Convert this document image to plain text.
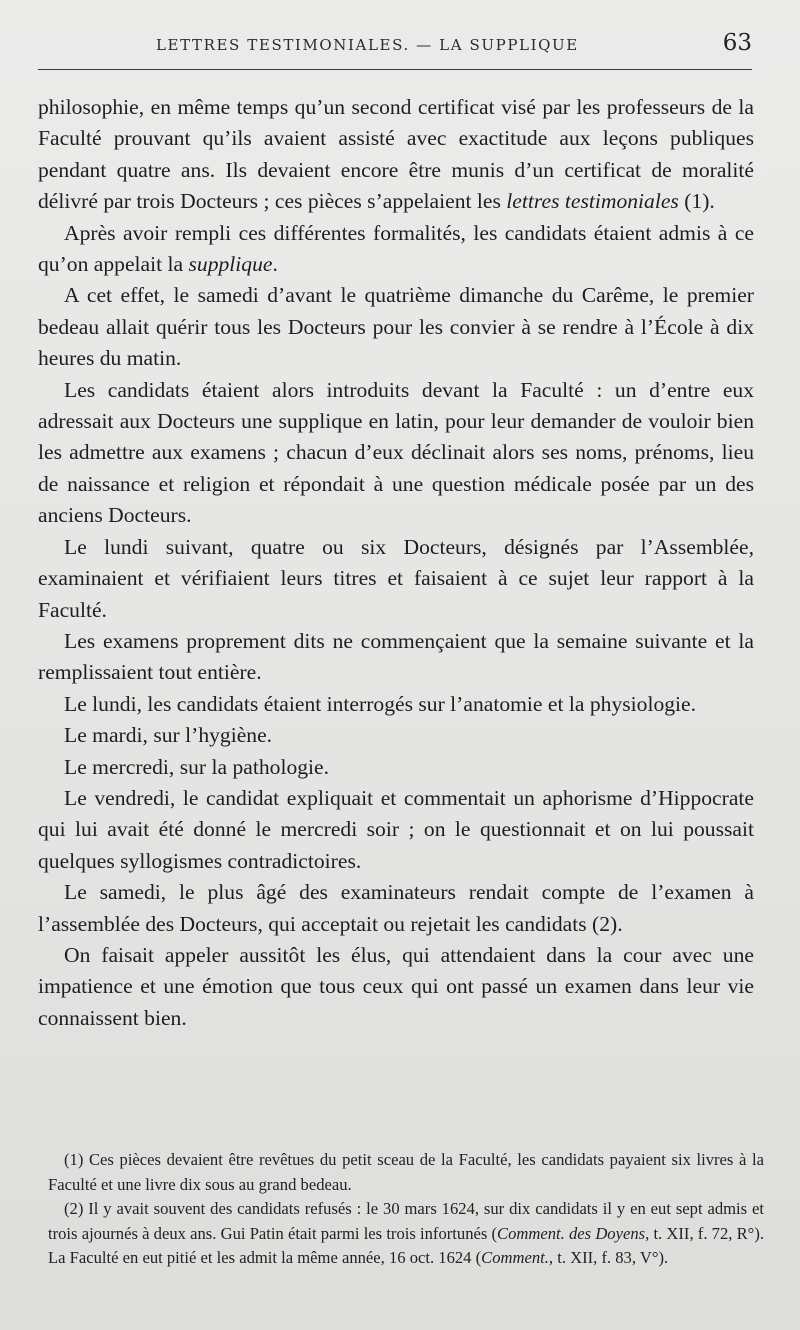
LETTRES TESTIMONIALES. — LA SUPPLIQUE	63

philosophie, en même temps qu’un second certificat visé par les professeurs de la Faculté prouvant qu’ils avaient assisté avec exactitude aux leçons publiques pendant quatre ans. Ils devaient encore être munis d’un certificat de moralité délivré par trois Docteurs ; ces pièces s’appelaient les lettres testimoniales (1).

Après avoir rempli ces différentes formalités, les candidats étaient admis à ce qu’on appelait la supplique.

A cet effet, le samedi d’avant le quatrième dimanche du Carême, le premier bedeau allait quérir tous les Docteurs pour les convier à se rendre à l’École à dix heures du matin.

Les candidats étaient alors introduits devant la Faculté : un d’entre eux adressait aux Docteurs une supplique en latin, pour leur demander de vouloir bien les admettre aux examens ; chacun d’eux déclinait alors ses noms, prénoms, lieu de naissance et religion et répondait à une question médicale posée par un des anciens Docteurs.

Le lundi suivant, quatre ou six Docteurs, désignés par l’Assemblée, examinaient et vérifiaient leurs titres et faisaient à ce sujet leur rapport à la Faculté.

Les examens proprement dits ne commençaient que la semaine suivante et la remplissaient tout entière.

Le lundi, les candidats étaient interrogés sur l’anatomie et la physiologie.

Le mardi, sur l’hygiène.

Le mercredi, sur la pathologie.

Le vendredi, le candidat expliquait et commentait un aphorisme d’Hippocrate qui lui avait été donné le mercredi soir ; on le questionnait et on lui poussait quelques syllogismes contradictoires.

Le samedi, le plus âgé des examinateurs rendait compte de l’examen à l’assemblée des Docteurs, qui acceptait ou rejetait les candidats (2).

On faisait appeler aussitôt les élus, qui attendaient dans la cour avec une impatience et une émotion que tous ceux qui ont passé un examen dans leur vie connaissent bien.

(1) Ces pièces devaient être revêtues du petit sceau de la Faculté, les candidats payaient six livres à la Faculté et une livre dix sous au grand bedeau.

(2) Il y avait souvent des candidats refusés : le 30 mars 1624, sur dix candidats il y en eut sept admis et trois ajournés à deux ans. Gui Patin était parmi les trois infortunés (Comment. des Doyens, t. XII, f. 72, R°). La Faculté en eut pitié et les admit la même année, 16 oct. 1624 (Comment., t. XII, f. 83, V°).
